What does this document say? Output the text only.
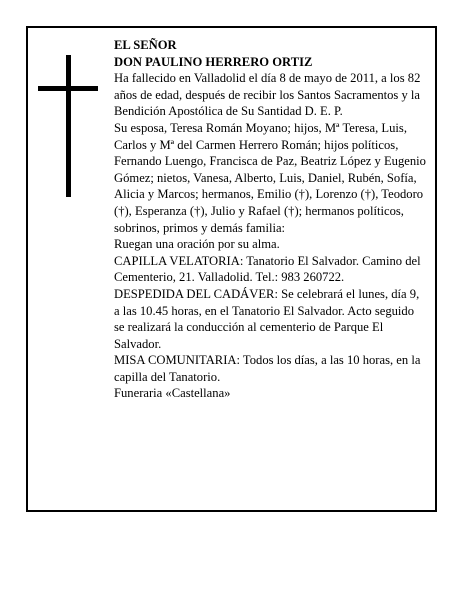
EL SEÑOR

DON PAULINO HERRERO ORTIZ

Ha fallecido en Valladolid el día 8 de mayo de 2011, a los 82 años de edad, después de recibir los Santos Sacramentos y la Bendición Apostólica de Su Santidad D. E. P.

Su esposa, Teresa Román Moyano; hijos, Mª Teresa, Luis, Carlos y Mª del Carmen Herrero Román; hijos políticos, Fernando Luengo, Francisca de Paz, Beatriz López y Eugenio Gómez; nietos, Vanesa, Alberto, Luis, Daniel, Rubén, Sofía, Alicia y Marcos; hermanos, Emilio (†), Lorenzo (†), Teodoro (†), Esperanza (†), Julio y Rafael (†); hermanos políticos, sobrinos, primos y demás familia:

Ruegan una oración por su alma.

CAPILLA VELATORIA: Tanatorio El Salvador. Camino del Cementerio, 21. Valladolid. Tel.: 983 260722.

DESPEDIDA DEL CADÁVER: Se celebrará el lunes, día 9, a las 10.45 horas, en el Tanatorio El Salvador. Acto seguido se realizará la conducción al cementerio de Parque El Salvador.

MISA COMUNITARIA: Todos los días, a las 10 horas, en la capilla del Tanatorio.

Funeraria «Castellana»
